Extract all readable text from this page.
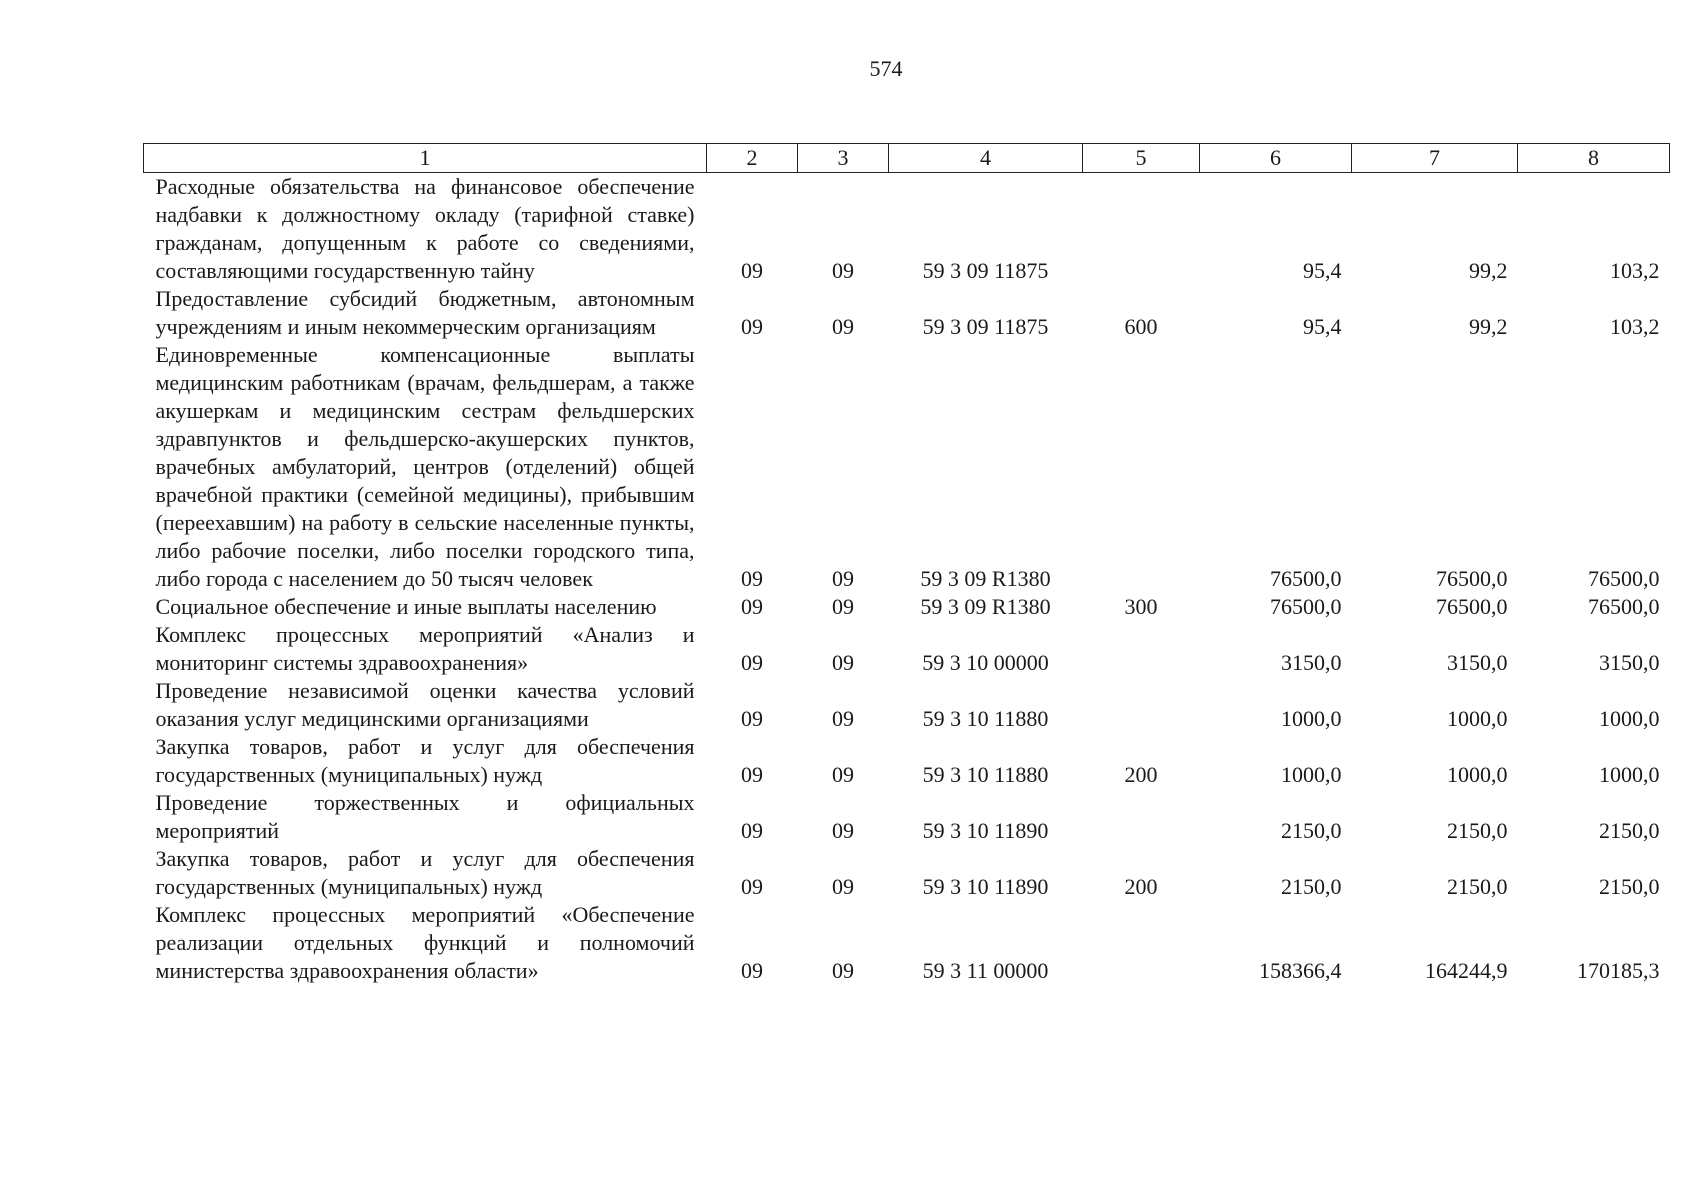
574
1	2	3	4	5	6	7	8
Расходные обязательства на финансовое обеспечение надбавки к должностному окладу (тарифной ставке) гражданам, допущенным к работе со сведениями, составляющими государственную тайну	09	09	59 3 09 11875		95,4	99,2	103,2
Предоставление субсидий бюджетным, автономным учреждениям и иным некоммерческим организациям	09	09	59 3 09 11875	600	95,4	99,2	103,2
Единовременные компенсационные выплаты медицинским работникам (врачам, фельдшерам, а также акушеркам и медицинским сестрам фельдшерских здравпунктов и фельдшерско-акушерских пунктов, врачебных амбулаторий, центров (отделений) общей врачебной практики (семейной медицины), прибывшим (переехавшим) на работу в сельские населенные пункты, либо рабочие поселки, либо поселки городского типа, либо города с населением до 50 тысяч человек	09	09	59 3 09 R1380		76500,0	76500,0	76500,0
Социальное обеспечение и иные выплаты населению	09	09	59 3 09 R1380	300	76500,0	76500,0	76500,0
Комплекс процессных мероприятий «Анализ и мониторинг системы здравоохранения»	09	09	59 3 10 00000		3150,0	3150,0	3150,0
Проведение независимой оценки качества условий оказания услуг медицинскими организациями	09	09	59 3 10 11880		1000,0	1000,0	1000,0
Закупка товаров, работ и услуг для обеспечения государственных (муниципальных) нужд	09	09	59 3 10 11880	200	1000,0	1000,0	1000,0
Проведение торжественных и официальных мероприятий	09	09	59 3 10 11890		2150,0	2150,0	2150,0
Закупка товаров, работ и услуг для обеспечения государственных (муниципальных) нужд	09	09	59 3 10 11890	200	2150,0	2150,0	2150,0
Комплекс процессных мероприятий «Обеспечение реализации отдельных функций и полномочий министерства здравоохранения области»	09	09	59 3 11 00000		158366,4	164244,9	170185,3
